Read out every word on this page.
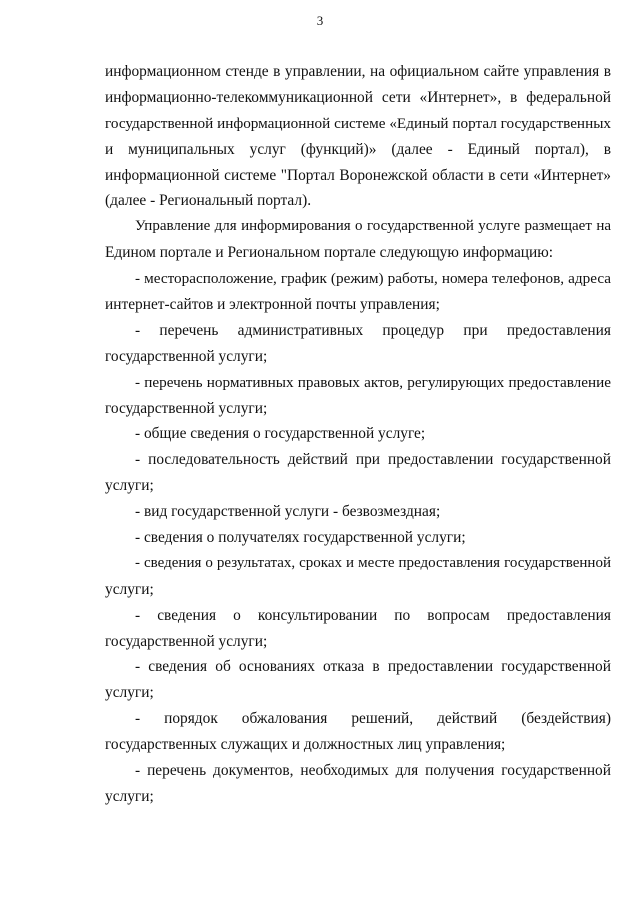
3
информационном стенде в управлении, на официальном сайте управления в
информационно-телекоммуникационной сети «Интернет», в федеральной
государственной информационной системе «Единый портал государственных
и муниципальных услуг (функций)» (далее - Единый портал), в
информационной системе "Портал Воронежской области в сети «Интернет»
(далее - Региональный портал).
Управление для информирования о государственной услуге размещает на
Едином портале и Региональном портале следующую информацию:
- месторасположение, график (режим) работы, номера телефонов, адреса
интернет-сайтов и электронной почты управления;
- перечень административных процедур при предоставления
государственной услуги;
- перечень нормативных правовых актов, регулирующих предоставление
государственной услуги;
- общие сведения о государственной услуге;
- последовательность действий при предоставлении государственной
услуги;
- вид государственной услуги - безвозмездная;
- сведения о получателях государственной услуги;
- сведения о результатах, сроках и месте предоставления государственной
услуги;
- сведения о консультировании по вопросам предоставления
государственной услуги;
- сведения об основаниях отказа в предоставлении государственной
услуги;
- порядок обжалования решений, действий (бездействия)
государственных служащих и должностных лиц управления;
- перечень документов, необходимых для получения государственной
услуги;
